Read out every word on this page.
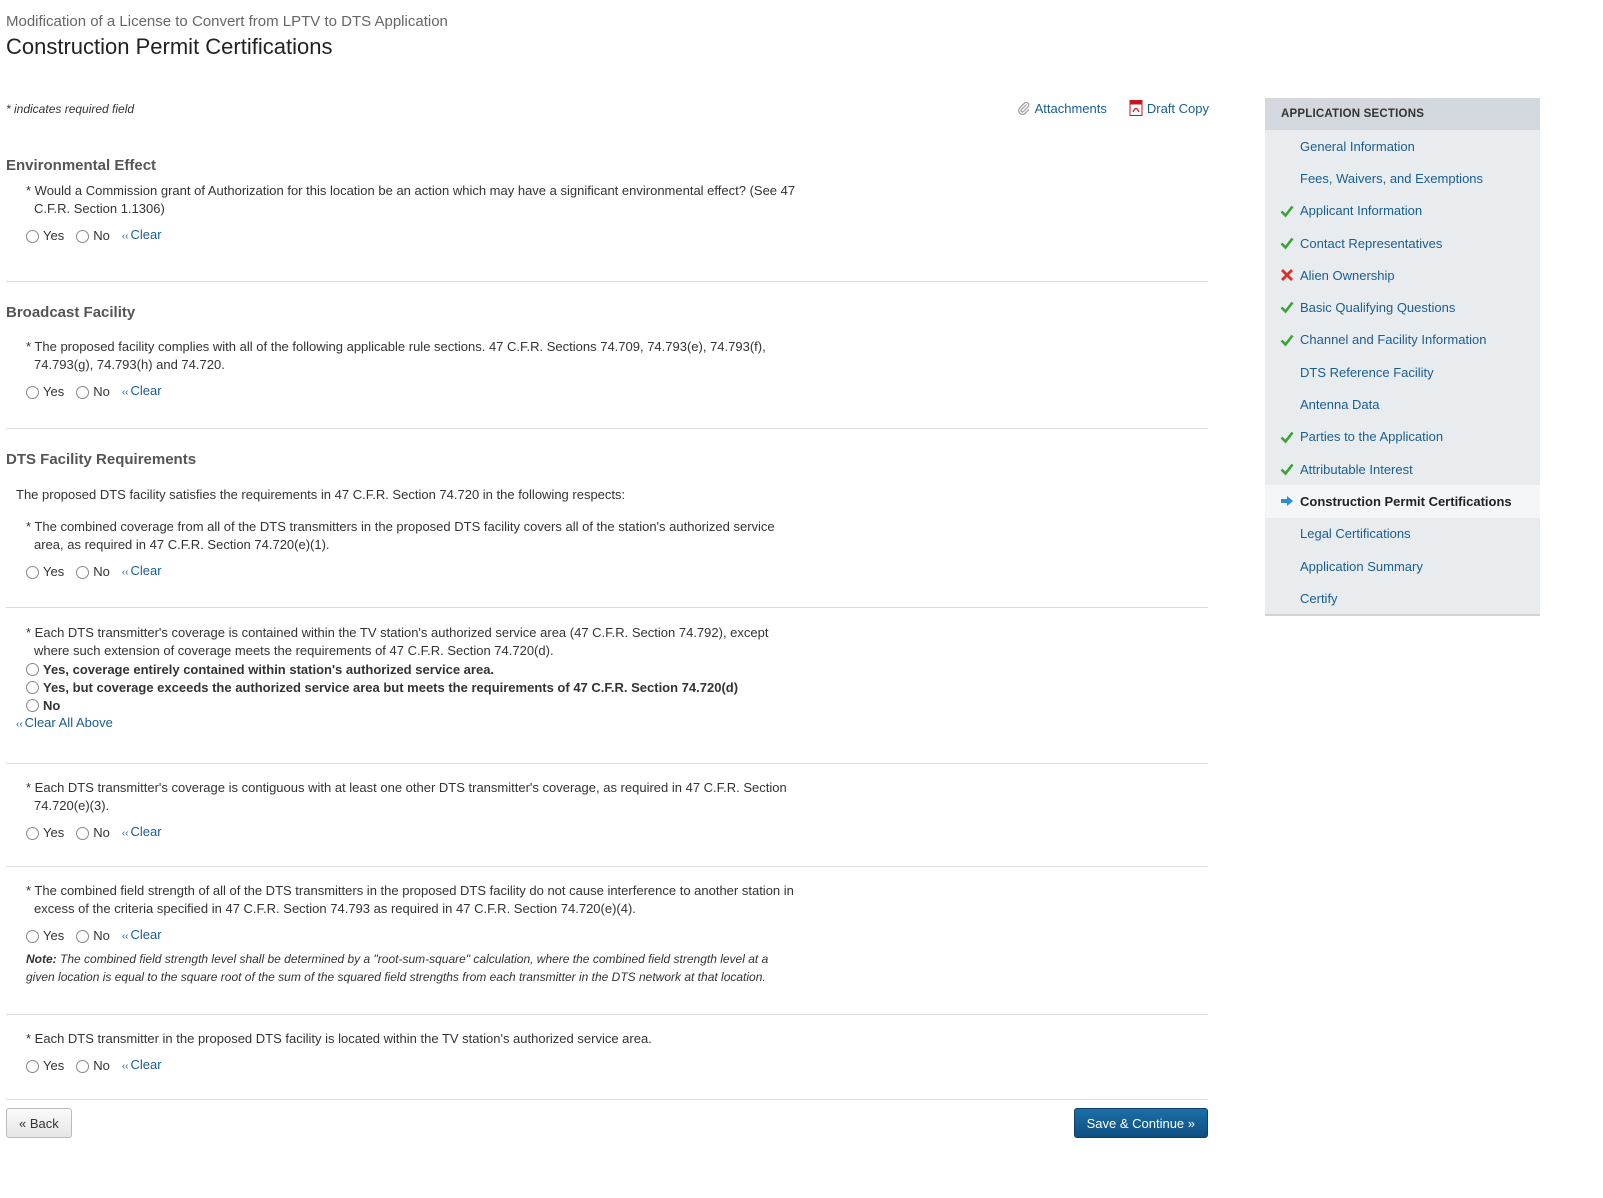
Modification of a License to Convert from LPTV to DTS Application
Construction Permit Certifications
* indicates required field	Attachments	Draft Copy
Environmental Effect
* Would a Commission grant of Authorization for this location be an action which may have a significant environmental effect? (See 47 C.F.R. Section 1.1306)
Yes No ‹‹ Clear
Broadcast Facility
* The proposed facility complies with all of the following applicable rule sections. 47 C.F.R. Sections 74.709, 74.793(e), 74.793(f), 74.793(g), 74.793(h) and 74.720.
Yes No ‹‹ Clear
DTS Facility Requirements
The proposed DTS facility satisfies the requirements in 47 C.F.R. Section 74.720 in the following respects:
* The combined coverage from all of the DTS transmitters in the proposed DTS facility covers all of the station's authorized service area, as required in 47 C.F.R. Section 74.720(e)(1).
Yes No ‹‹ Clear
* Each DTS transmitter's coverage is contained within the TV station's authorized service area (47 C.F.R. Section 74.792), except where such extension of coverage meets the requirements of 47 C.F.R. Section 74.720(d).
Yes, coverage entirely contained within station's authorized service area.
Yes, but coverage exceeds the authorized service area but meets the requirements of 47 C.F.R. Section 74.720(d)
No
‹‹ Clear All Above
* Each DTS transmitter's coverage is contiguous with at least one other DTS transmitter's coverage, as required in 47 C.F.R. Section 74.720(e)(3).
Yes No ‹‹ Clear
* The combined field strength of all of the DTS transmitters in the proposed DTS facility do not cause interference to another station in excess of the criteria specified in 47 C.F.R. Section 74.793 as required in 47 C.F.R. Section 74.720(e)(4).
Yes No ‹‹ Clear
Note: The combined field strength level shall be determined by a "root-sum-square" calculation, where the combined field strength level at a given location is equal to the square root of the sum of the squared field strengths from each transmitter in the DTS network at that location.
* Each DTS transmitter in the proposed DTS facility is located within the TV station's authorized service area.
Yes No ‹‹ Clear
« Back	Save & Continue »
APPLICATION SECTIONS
General Information
Fees, Waivers, and Exemptions
Applicant Information
Contact Representatives
Alien Ownership
Basic Qualifying Questions
Channel and Facility Information
DTS Reference Facility
Antenna Data
Parties to the Application
Attributable Interest
Construction Permit Certifications
Legal Certifications
Application Summary
Certify
